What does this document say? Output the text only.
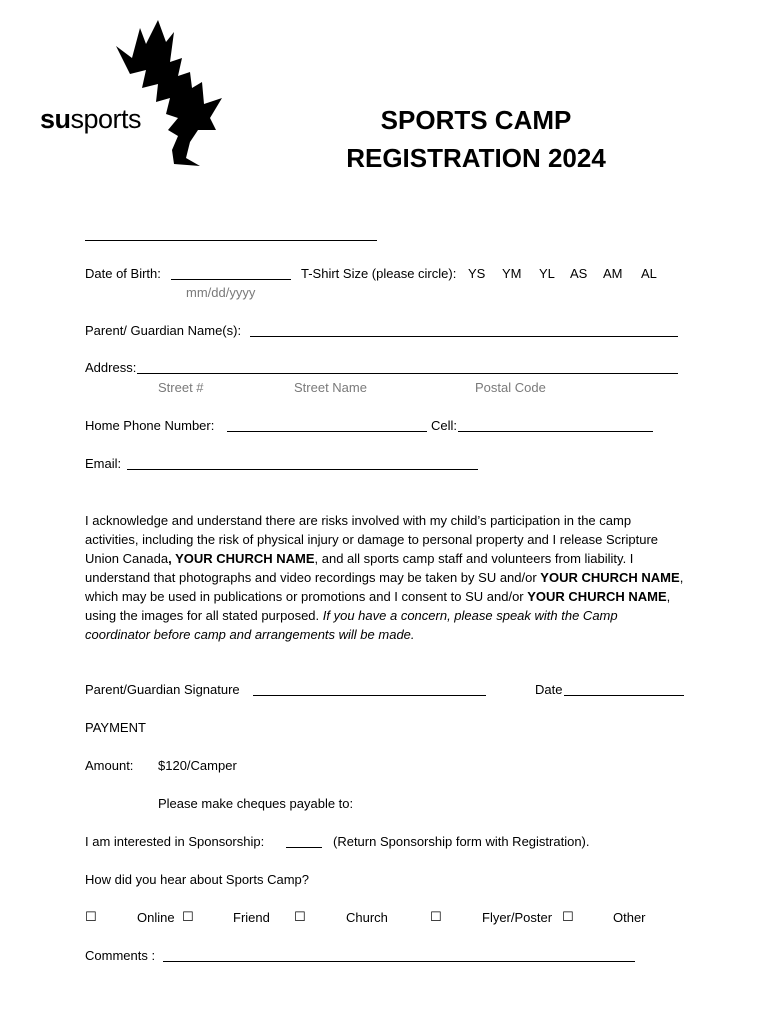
susports	SPORTS CAMP
REGISTRATION 2024
Date of Birth:
mm/dd/yyyy
T-Shirt Size (please circle): YS YM YL AS AM AL
Parent/ Guardian Name(s):
Address:
Street #	Street Name	Postal Code
Home Phone Number:	Cell:
Email:
I acknowledge and understand there are risks involved with my child’s participation in the camp activities, including the risk of physical injury or damage to personal property and I release Scripture Union Canada, YOUR CHURCH NAME, and all sports camp staff and volunteers from liability. I understand that photographs and video recordings may be taken by SU and/or YOUR CHURCH NAME, which may be used in publications or promotions and I consent to SU and/or YOUR CHURCH NAME, using the images for all stated purposed. If you have a concern, please speak with the Camp coordinator before camp and arrangements will be made.
Parent/Guardian Signature	Date
PAYMENT
Amount: $120/Camper
Please make cheques payable to:
I am interested in Sponsorship:	(Return Sponsorship form with Registration).
How did you hear about Sports Camp?
☐	Online ☐	Friend ☐	Church	☐	Flyer/Poster ☐	Other
Comments :
